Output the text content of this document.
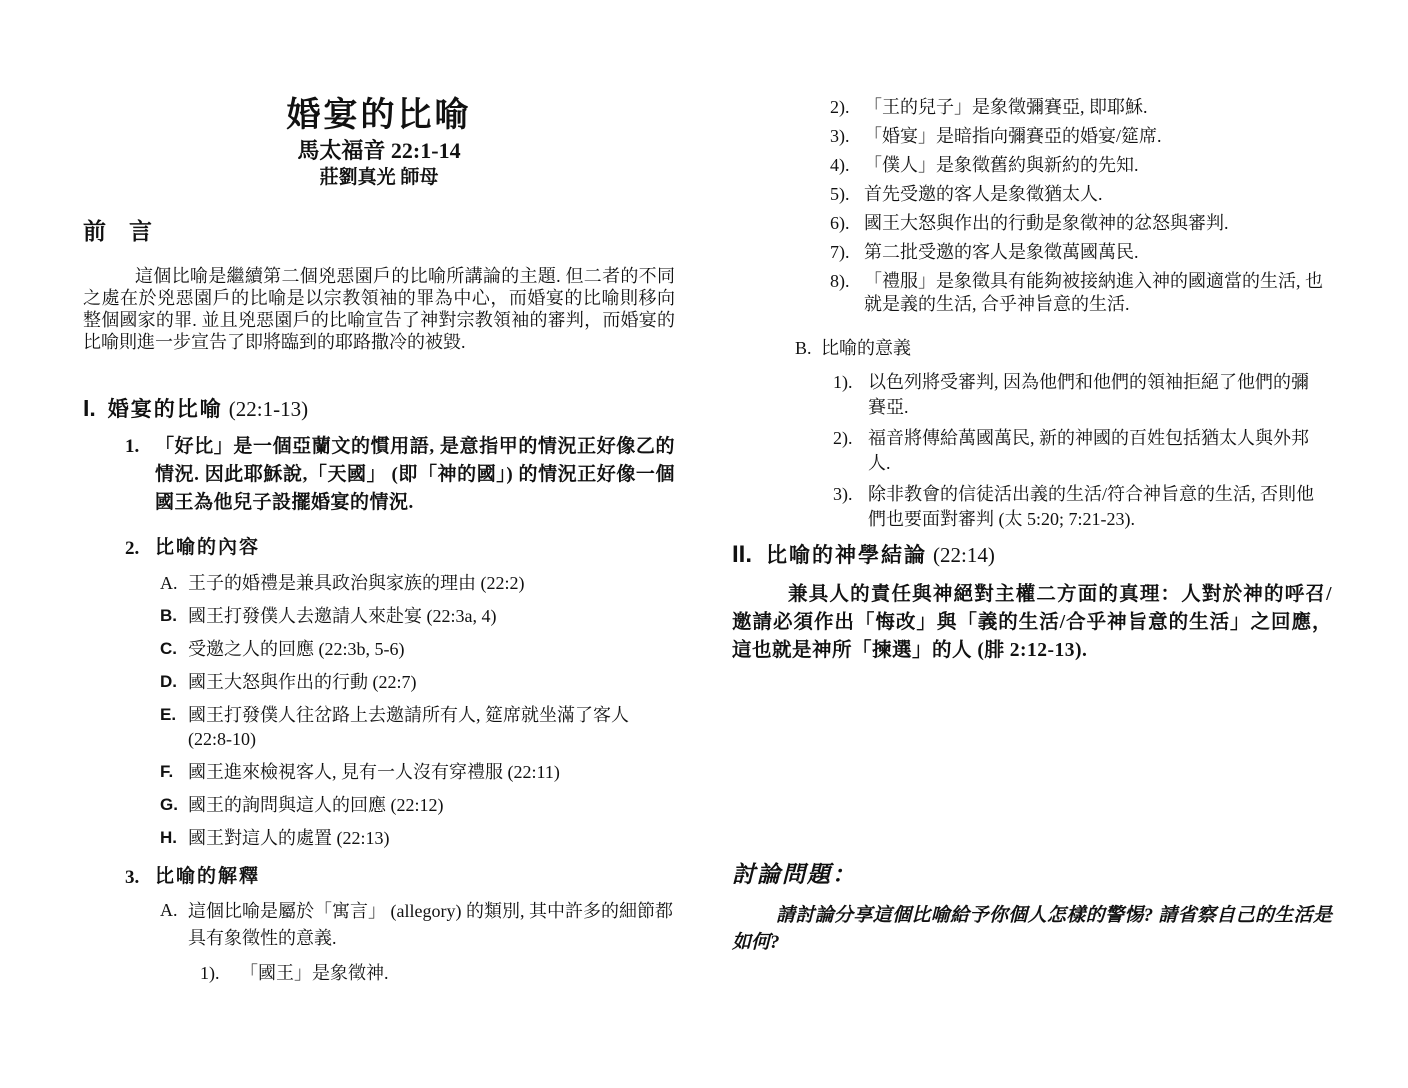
婚宴的比喻
馬太福音 22:1-14
莊劉真光 師母
前　言

這個比喻是繼續第二個兇惡園戶的比喻所講論的主題. 但二者的不同之處在於兇惡園戶的比喻是以宗教領袖的罪為中心，而婚宴的比喻則移向整個國家的罪. 並且兇惡園戶的比喻宣告了神對宗教領袖的審判，而婚宴的比喻則進一步宣告了即將臨到的耶路撒冷的被毀.

I. 婚宴的比喻 (22:1-13)
1. 「好比」是一個亞蘭文的慣用語, 是意指甲的情況正好像乙的情況. 因此耶穌說,「天國」 (即「神的國」) 的情況正好像一個國王為他兒子設擺婚宴的情況.
2. 比喻的內容
A. 王子的婚禮是兼具政治與家族的理由 (22:2)
B. 國王打發僕人去邀請人來赴宴 (22:3a, 4)
C. 受邀之人的回應 (22:3b, 5-6)
D. 國王大怒與作出的行動 (22:7)
E. 國王打發僕人往岔路上去邀請所有人, 筵席就坐滿了客人 (22:8-10)
F. 國王進來檢視客人, 見有一人沒有穿禮服 (22:11)
G. 國王的詢問與這人的回應 (22:12)
H. 國王對這人的處置 (22:13)
3. 比喻的解釋
A. 這個比喻是屬於「寓言」 (allegory) 的類別, 其中許多的細節都具有象徵性的意義.
1).	「國王」是象徵神.
2). 「王的兒子」是象徵彌賽亞, 即耶穌.
3). 「婚宴」是暗指向彌賽亞的婚宴/筵席.
4). 「僕人」是象徵舊約與新約的先知.
5). 首先受邀的客人是象徵猶太人.
6). 國王大怒與作出的行動是象徵神的忿怒與審判.
7). 第二批受邀的客人是象徵萬國萬民.
8). 「禮服」是象徵具有能夠被接納進入神的國適當的生活, 也就是義的生活, 合乎神旨意的生活.
B. 比喻的意義
1). 以色列將受審判, 因為他們和他們的領袖拒絕了他們的彌賽亞.
2). 福音將傳給萬國萬民, 新的神國的百姓包括猶太人與外邦人.
3). 除非教會的信徒活出義的生活/符合神旨意的生活, 否則他們也要面對審判 (太 5:20; 7:21-23).
II. 比喻的神學結論 (22:14)

兼具人的責任與神絕對主權二方面的真理：人對於神的呼召/邀請必須作出「悔改」與「義的生活/合乎神旨意的生活」之回應，這也就是神所「揀選」的人 (腓 2:12-13).

討論問題：

請討論分享這個比喻給予你個人怎樣的警惕? 請省察自己的生活是如何?
